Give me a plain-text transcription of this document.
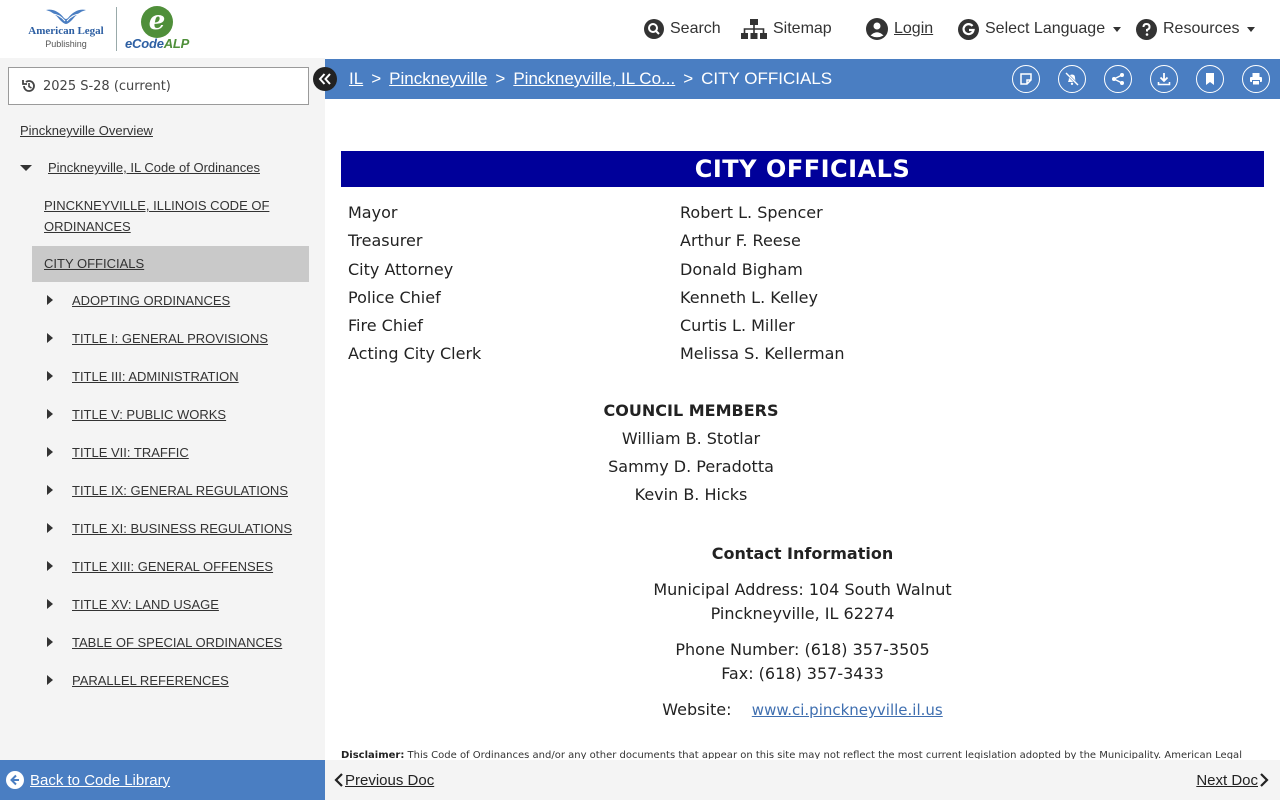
American Legal
Publishing
e
eCodeALP
Search	Sitemap	Login	Select Language	Resources
2025 S-28 (current)
Pinckneyville Overview
Pinckneyville, IL Code of Ordinances
PINCKNEYVILLE, ILLINOIS CODE OF
ORDINANCES
CITY OFFICIALS
ADOPTING ORDINANCES
TITLE I: GENERAL PROVISIONS
TITLE III: ADMINISTRATION
TITLE V: PUBLIC WORKS
TITLE VII: TRAFFIC
TITLE IX: GENERAL REGULATIONS
TITLE XI: BUSINESS REGULATIONS
TITLE XIII: GENERAL OFFENSES
TITLE XV: LAND USAGE
TABLE OF SPECIAL ORDINANCES
PARALLEL REFERENCES
Back to Code Library
IL > Pinckneyville > Pinckneyville, IL Co... > CITY OFFICIALS
CITY OFFICIALS
Mayor	Robert L. Spencer
Treasurer	Arthur F. Reese
City Attorney	Donald Bigham
Police Chief	Kenneth L. Kelley
Fire Chief	Curtis L. Miller
Acting City Clerk	Melissa S. Kellerman
COUNCIL MEMBERS
William B. Stotlar
Sammy D. Peradotta
Kevin B. Hicks
Contact Information
Municipal Address: 104 South Walnut
Pinckneyville, IL 62274
Phone Number: (618) 357-3505
Fax: (618) 357-3433
Website: www.ci.pinckneyville.il.us
Disclaimer: This Code of Ordinances and/or any other documents that appear on this site may not reflect the most current legislation adopted by the Municipality. American Legal
Previous Doc	Next Doc
